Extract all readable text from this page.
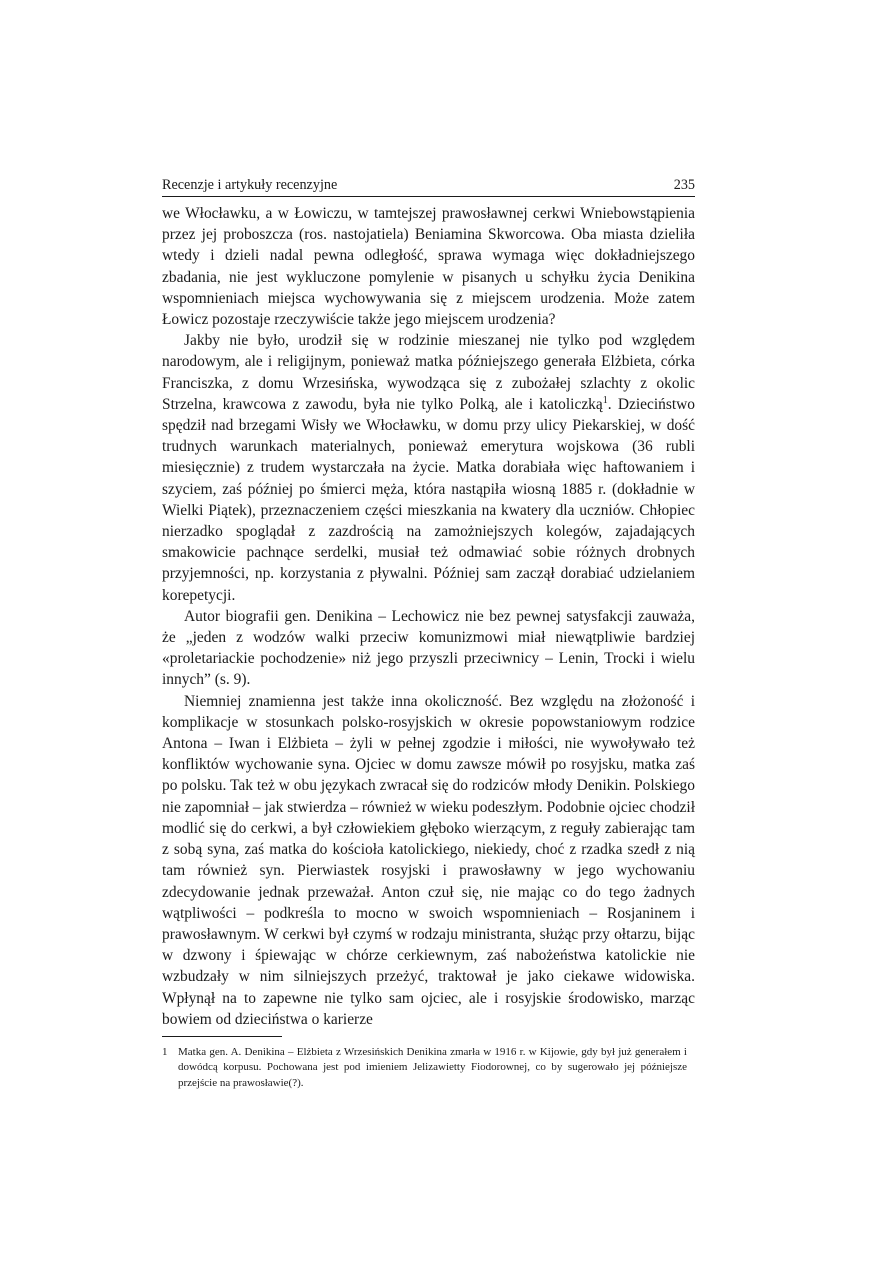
Recenzje i artykuły recenzyjne	235

we Włocławku, a w Łowiczu, w tamtejszej prawosławnej cerkwi Wniebowstąpienia przez jej proboszcza (ros. nastojatiela) Beniamina Skworcowa. Oba miasta dzieliła wtedy i dzieli nadal pewna odległość, sprawa wymaga więc dokładniejszego zbadania, nie jest wykluczone pomylenie w pisanych u schyłku życia Denikina wspomnieniach miejsca wychowywania się z miejscem urodzenia. Może zatem Łowicz pozostaje rzeczywiście także jego miejscem urodzenia?

Jakby nie było, urodził się w rodzinie mieszanej nie tylko pod względem narodowym, ale i religijnym, ponieważ matka późniejszego generała Elżbieta, córka Franciszka, z domu Wrzesińska, wywodząca się z zubożałej szlachty z okolic Strzelna, krawcowa z zawodu, była nie tylko Polką, ale i katoliczką$^1$. Dzieciństwo spędził nad brzegami Wisły we Włocławku, w domu przy ulicy Piekarskiej, w dość trudnych warunkach materialnych, ponieważ emerytura wojskowa (36 rubli miesięcznie) z trudem wystarczała na życie. Matka dorabiała więc haftowaniem i szyciem, zaś później po śmierci męża, która nastąpiła wiosną 1885 r. (dokładnie w Wielki Piątek), przeznaczeniem części mieszkania na kwatery dla uczniów. Chłopiec nierzadko spoglądał z zazdrością na zamożniejszych kolegów, zajadających smakowicie pachnące serdelki, musiał też odmawiać sobie różnych drobnych przyjemności, np. korzystania z pływalni. Później sam zaczął dorabiać udzielaniem korepetycji.

Autor biografii gen. Denikina – Lechowicz nie bez pewnej satysfakcji zauważa, że „jeden z wodzów walki przeciw komunizmowi miał niewątpliwie bardziej «proletariackie pochodzenie» niż jego przyszli przeciwnicy – Lenin, Trocki i wielu innych” (s. 9).

Niemniej znamienna jest także inna okoliczność. Bez względu na złożoność i komplikacje w stosunkach polsko-rosyjskich w okresie popowstaniowym rodzice Antona – Iwan i Elżbieta – żyli w pełnej zgodzie i miłości, nie wywoływało też konfliktów wychowanie syna. Ojciec w domu zawsze mówił po rosyjsku, matka zaś po polsku. Tak też w obu językach zwracał się do rodziców młody Denikin. Polskiego nie zapomniał – jak stwierdza – również w wieku podeszłym. Podobnie ojciec chodził modlić się do cerkwi, a był człowiekiem głęboko wierzącym, z reguły zabierając tam z sobą syna, zaś matka do kościoła katolickiego, niekiedy, choć z rzadka szedł z nią tam również syn. Pierwiastek rosyjski i prawosławny w jego wychowaniu zdecydowanie jednak przeważał. Anton czuł się, nie mając co do tego żadnych wątpliwości – podkreśla to mocno w swoich wspomnieniach – Rosjaninem i prawosławnym. W cerkwi był czymś w rodzaju ministranta, służąc przy ołtarzu, bijąc w dzwony i śpiewając w chórze cerkiewnym, zaś nabożeństwa katolickie nie wzbudzały w nim silniejszych przeżyć, traktował je jako ciekawe widowiska. Wpłynął na to zapewne nie tylko sam ojciec, ale i rosyjskie środowisko, marząc bowiem od dzieciństwa o karierze

1 Matka gen. A. Denikina – Elżbieta z Wrzesińskich Denikina zmarła w 1916 r. w Kijowie, gdy był już generałem i dowódcą korpusu. Pochowana jest pod imieniem Jelizawietty Fiodorownej, co by sugerowało jej późniejsze przejście na prawosławie(?).
